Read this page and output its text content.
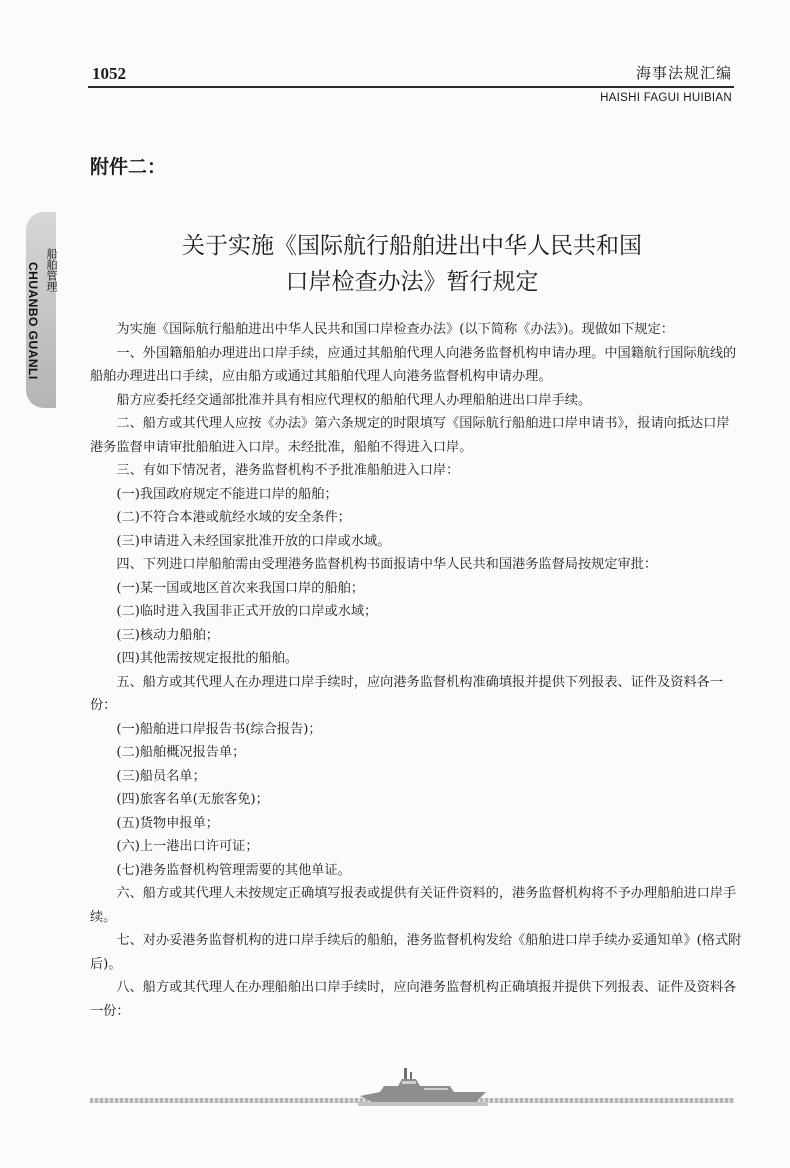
1052	海事法规汇编
HAISHI FAGUI HUIBIAN
船舶管理
CHUANBO GUANLI
附件二：
关于实施《国际航行船舶进出中华人民共和国
口岸检查办法》暂行规定

为实施《国际航行船舶进出中华人民共和国口岸检查办法》(以下简称《办法》)。现做如下规定：

一、外国籍船舶办理进出口岸手续，应通过其船舶代理人向港务监督机构申请办理。中国籍航行国际航线的船舶办理进出口手续，应由船方或通过其船舶代理人向港务监督机构申请办理。

船方应委托经交通部批准并具有相应代理权的船舶代理人办理船舶进出口岸手续。

二、船方或其代理人应按《办法》第六条规定的时限填写《国际航行船舶进口岸申请书》，报请向抵达口岸港务监督申请审批船舶进入口岸。未经批准，船舶不得进入口岸。

三、有如下情况者，港务监督机构不予批准船舶进入口岸：

(一)我国政府规定不能进口岸的船舶；

(二)不符合本港或航经水域的安全条件；

(三)申请进入未经国家批准开放的口岸或水域。

四、下列进口岸船舶需由受理港务监督机构书面报请中华人民共和国港务监督局按规定审批：

(一)某一国或地区首次来我国口岸的船舶；

(二)临时进入我国非正式开放的口岸或水域；

(三)核动力船舶；

(四)其他需按规定报批的船舶。

五、船方或其代理人在办理进口岸手续时，应向港务监督机构准确填报并提供下列报表、证件及资料各一份：

(一)船舶进口岸报告书(综合报告)；

(二)船舶概况报告单；

(三)船员名单；

(四)旅客名单(无旅客免)；

(五)货物申报单；

(六)上一港出口许可证；

(七)港务监督机构管理需要的其他单证。

六、船方或其代理人未按规定正确填写报表或提供有关证件资料的，港务监督机构将不予办理船舶进口岸手续。

七、对办妥港务监督机构的进口岸手续后的船舶，港务监督机构发给《船舶进口岸手续办妥通知单》(格式附后)。

八、船方或其代理人在办理船舶出口岸手续时，应向港务监督机构正确填报并提供下列报表、证件及资料各一份：
